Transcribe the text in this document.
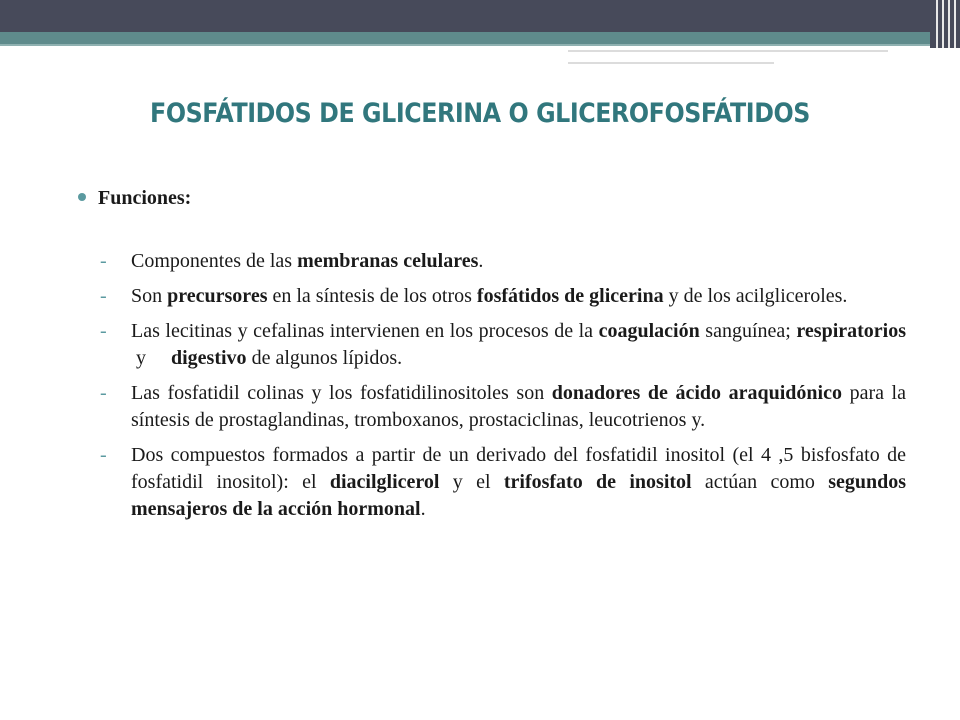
FOSFÁTIDOS DE GLICERINA O GLICEROFOSFÁTIDOS
Funciones:
- Componentes de las membranas celulares.
- Son precursores en la síntesis de los otros fosfátidos de glicerina y de los acilgliceroles.
- Las lecitinas y cefalinas intervienen en los procesos de la coagulación sanguínea; respiratorios y     digestivo de algunos lípidos.
- Las fosfatidil colinas y los fosfatidilinositoles son donadores de ácido araquidónico para la síntesis de prostaglandinas, tromboxanos, prostaciclinas, leucotrienos y.
- Dos compuestos formados a partir de un derivado del fosfatidil inositol (el 4 ,5 bisfosfato de fosfatidil inositol): el diacilglicerol y el trifosfato de inositol actúan como segundos mensajeros de la acción hormonal.
